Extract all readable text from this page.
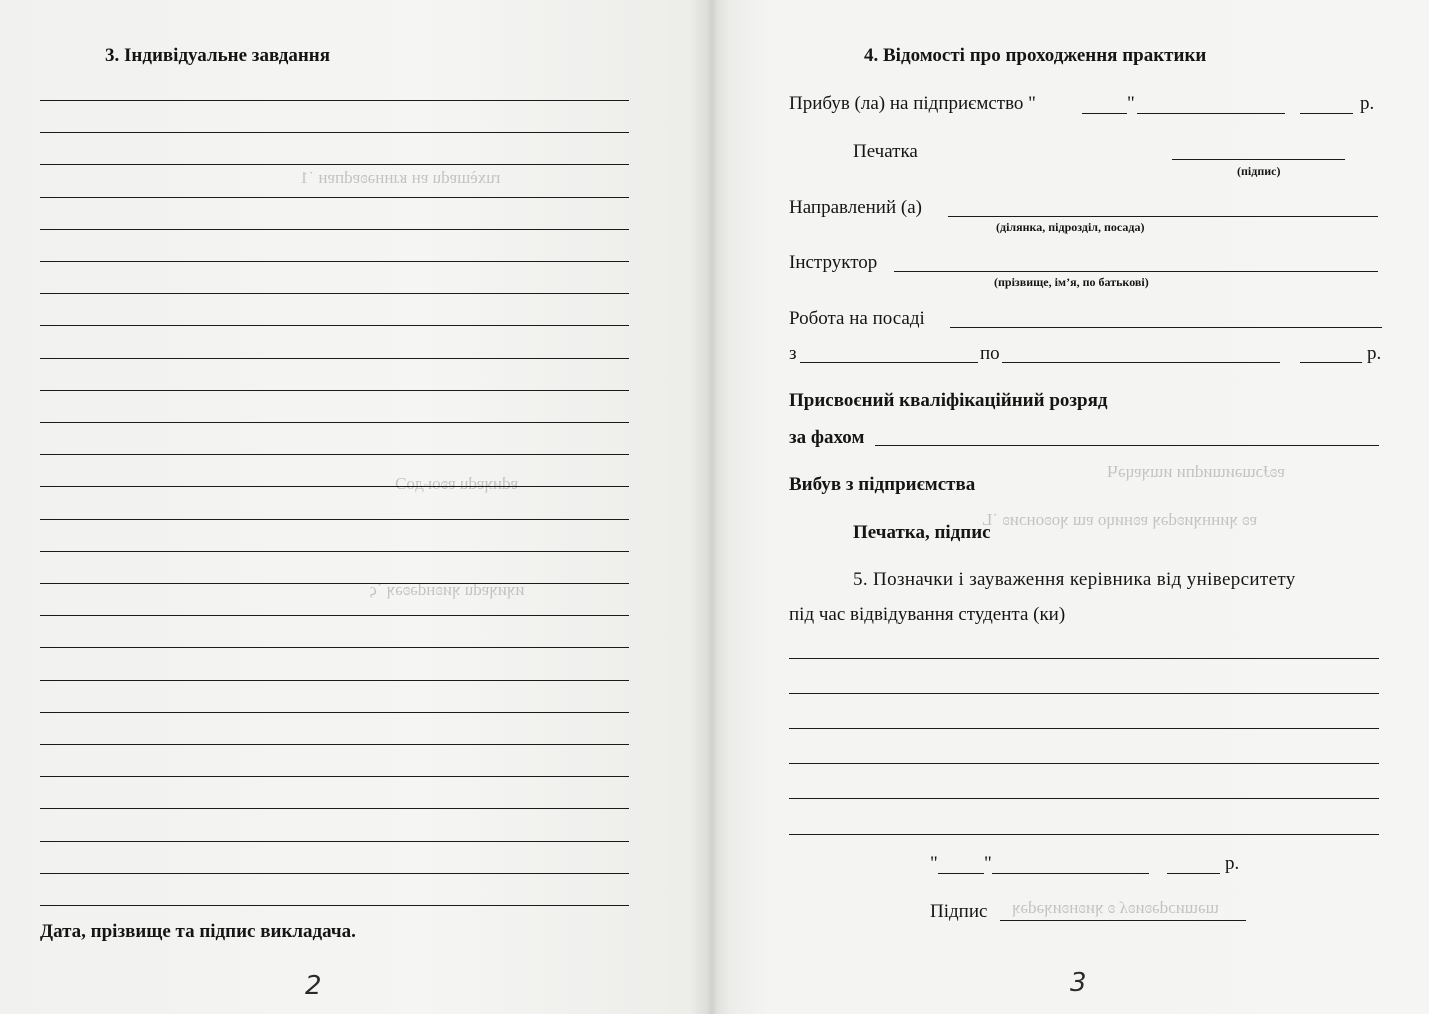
ruxѐшɐdu ɐн ʁɹннǝʚɐdпɐн ˙1
ɐdиʞɐdu ɐʚоⱶдоϽ
иʞиʞɐdu ʞиʚнdǝʚǝʞ ˙ς
3. Індивідуальне завдання
Дата, прізвище та підпис викладача.
2
ɐʚɈɔɯǝиɯиdпи иɯʞɐɥǝЧ
ɐʚ ʞиннʞиʚdǝʞ ɐʚниɥо ɐɯ ʞоʚонɔиʚ ˙L
ɯǝɯиɔdǝʚиʚʎ ʚ ʞиʚнʚиʞǝdǝʞ
4. Відомості про проходження практики
Прибув (ла) на підприємство "	"	р.
Печатка
(підпис)
Направлений (а)
(ділянка, підрозділ, посада)
Інструктор
(прізвище, ім’я, по батькові)
Робота на посаді
з	по	р.
Присвоєний кваліфікаційний розряд
за фахом
Вибув з підприємства
Печатка, підпис
5. Позначки і зауваження керівника від університету
під час відвідування студента (ки)
" "	р.
Підпис
3
